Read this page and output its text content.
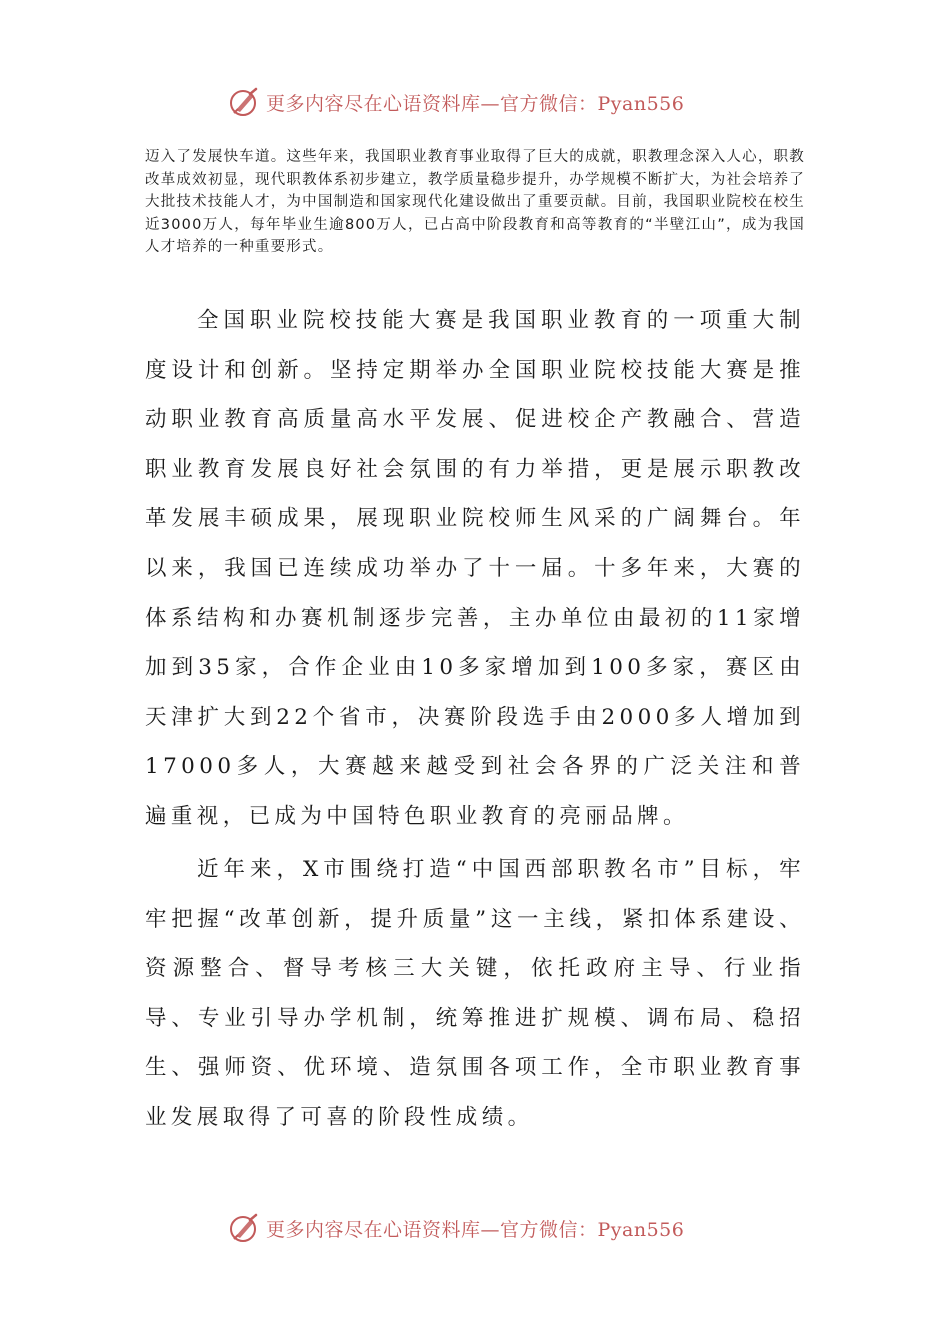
更多内容尽在心语资料库—官方微信：Pyan556

迈入了发展快车道。这些年来，我国职业教育事业取得了巨大的成就，职教理念深入人心，职教改革成效初显，现代职教体系初步建立，教学质量稳步提升，办学规模不断扩大，为社会培养了大批技术技能人才，为中国制造和国家现代化建设做出了重要贡献。目前，我国职业院校在校生近3000万人，每年毕业生逾800万人，已占高中阶段教育和高等教育的“半壁江山”，成为我国人才培养的一种重要形式。

全国职业院校技能大赛是我国职业教育的一项重大制度设计和创新。坚持定期举办全国职业院校技能大赛是推动职业教育高质量高水平发展、促进校企产教融合、营造职业教育发展良好社会氛围的有力举措，更是展示职教改革发展丰硕成果，展现职业院校师生风采的广阔舞台。年以来，我国已连续成功举办了十一届。十多年来，大赛的体系结构和办赛机制逐步完善，主办单位由最初的11家增加到35家，合作企业由10多家增加到100多家，赛区由天津扩大到22个省市，决赛阶段选手由2000多人增加到17000多人，大赛越来越受到社会各界的广泛关注和普遍重视，已成为中国特色职业教育的亮丽品牌。

近年来，X市围绕打造“中国西部职教名市”目标，牢牢把握“改革创新，提升质量”这一主线，紧扣体系建设、资源整合、督导考核三大关键，依托政府主导、行业指导、专业引导办学机制，统筹推进扩规模、调布局、稳招生、强师资、优环境、造氛围各项工作，全市职业教育事业发展取得了可喜的阶段性成绩。

更多内容尽在心语资料库—官方微信：Pyan556
